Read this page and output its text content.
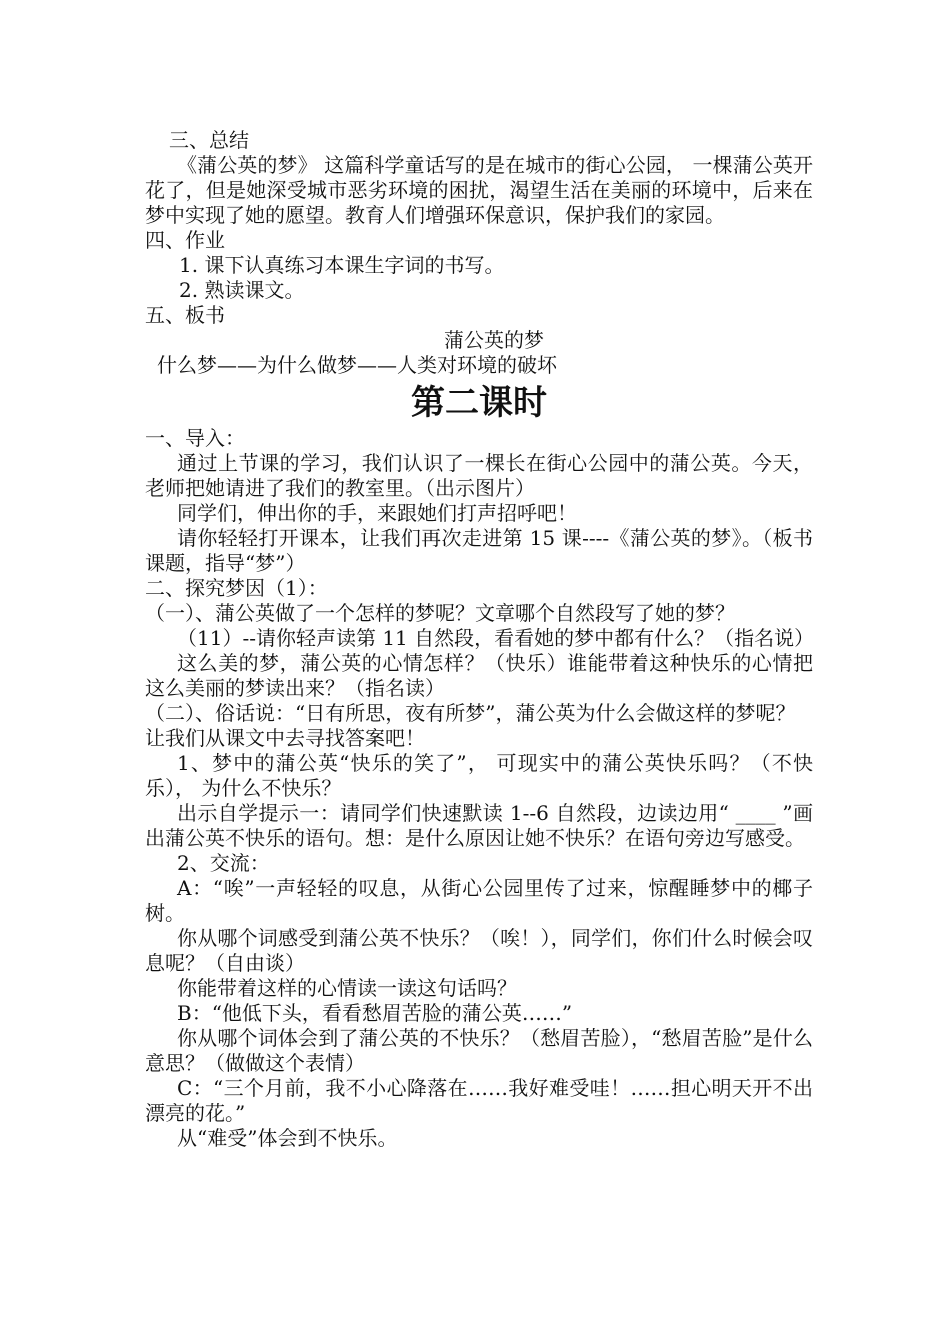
三、总结
《蒲公英的梦》 这篇科学童话写的是在城市的街心公园， 一棵蒲公英开花了，但是她深受城市恶劣环境的困扰，渴望生活在美丽的环境中，后来在梦中实现了她的愿望。教育人们增强环保意识，保护我们的家园。
四、作业
1. 课下认真练习本课生字词的书写。
2. 熟读课文。
五、板书
蒲公英的梦
什么梦——为什么做梦——人类对环境的破坏
第二课时
一、导入：
通过上节课的学习，我们认识了一棵长在街心公园中的蒲公英。今天，老师把她请进了我们的教室里。（出示图片）
同学们，伸出你的手，来跟她们打声招呼吧！
请你轻轻打开课本，让我们再次走进第 15 课----《蒲公英的梦》。（板书课题，指导“梦”）
二、探究梦因（1）：
（一）、蒲公英做了一个怎样的梦呢？文章哪个自然段写了她的梦？
（11）--请你轻声读第 11 自然段，看看她的梦中都有什么？（指名说）
这么美的梦，蒲公英的心情怎样？（快乐）谁能带着这种快乐的心情把这么美丽的梦读出来？（指名读）
（二）、俗话说：“日有所思，夜有所梦”，蒲公英为什么会做这样的梦呢？让我们从课文中去寻找答案吧！
1、梦中的蒲公英“快乐的笑了”， 可现实中的蒲公英快乐吗？（不快乐）， 为什么不快乐？
出示自学提示一：请同学们快速默读 1--6 自然段，边读边用“ ____ ”画出蒲公英不快乐的语句。想：是什么原因让她不快乐？在语句旁边写感受。
2、交流：
A：“唉”一声轻轻的叹息，从街心公园里传了过来，惊醒睡梦中的椰子树。
你从哪个词感受到蒲公英不快乐？（唉！），同学们，你们什么时候会叹息呢？（自由谈）
你能带着这样的心情读一读这句话吗？
B：“他低下头，看看愁眉苦脸的蒲公英……”
你从哪个词体会到了蒲公英的不快乐？（愁眉苦脸），“愁眉苦脸”是什么意思？（做做这个表情）
C：“三个月前，我不小心降落在……我好难受哇！……担心明天开不出漂亮的花。”
从“难受”体会到不快乐。
